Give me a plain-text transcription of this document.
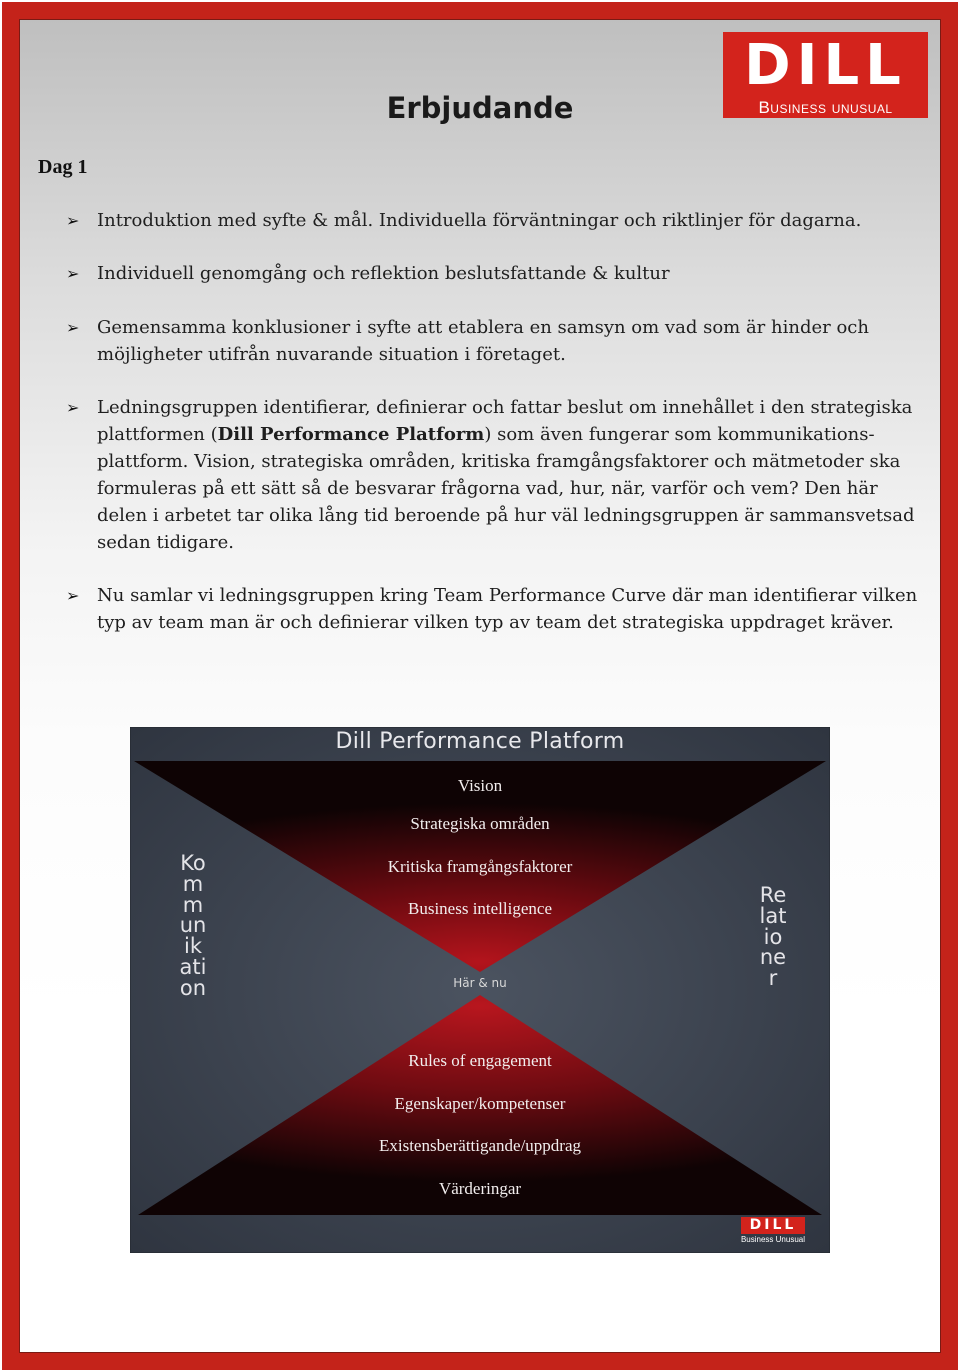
DILL
Business unusual
Erbjudande
Dag 1
➢ Introduktion med syfte & mål. Individuella förväntningar och riktlinjer för dagarna.
➢ Individuell genomgång och reflektion beslutsfattande & kultur
➢ Gemensamma konklusioner i syfte att etablera en samsyn om vad som är hinder och möjligheter utifrån nuvarande situation i företaget.
➢ Ledningsgruppen identifierar, definierar och fattar beslut om innehållet i den strategiska plattformen (Dill Performance Platform) som även fungerar som kommunikations-plattform. Vision, strategiska områden, kritiska framgångsfaktorer och mätmetoder ska formuleras på ett sätt så de besvarar frågorna vad, hur, när, varför och vem? Den här delen i arbetet tar olika lång tid beroende på hur väl ledningsgruppen är sammansvetsad sedan tidigare.
➢ Nu samlar vi ledningsgruppen kring Team Performance Curve där man identifierar vilken typ av team man är och definierar vilken typ av team det strategiska uppdraget kräver.
Dill Performance Platform
Vision
Strategiska områden
Kritiska framgångsfaktorer
Business intelligence
Här & nu
Rules of engagement
Egenskaper/kompetenser
Existensberättigande/uppdrag
Värderingar
Kommunikation
Relationer
DILL
Business Unusual
